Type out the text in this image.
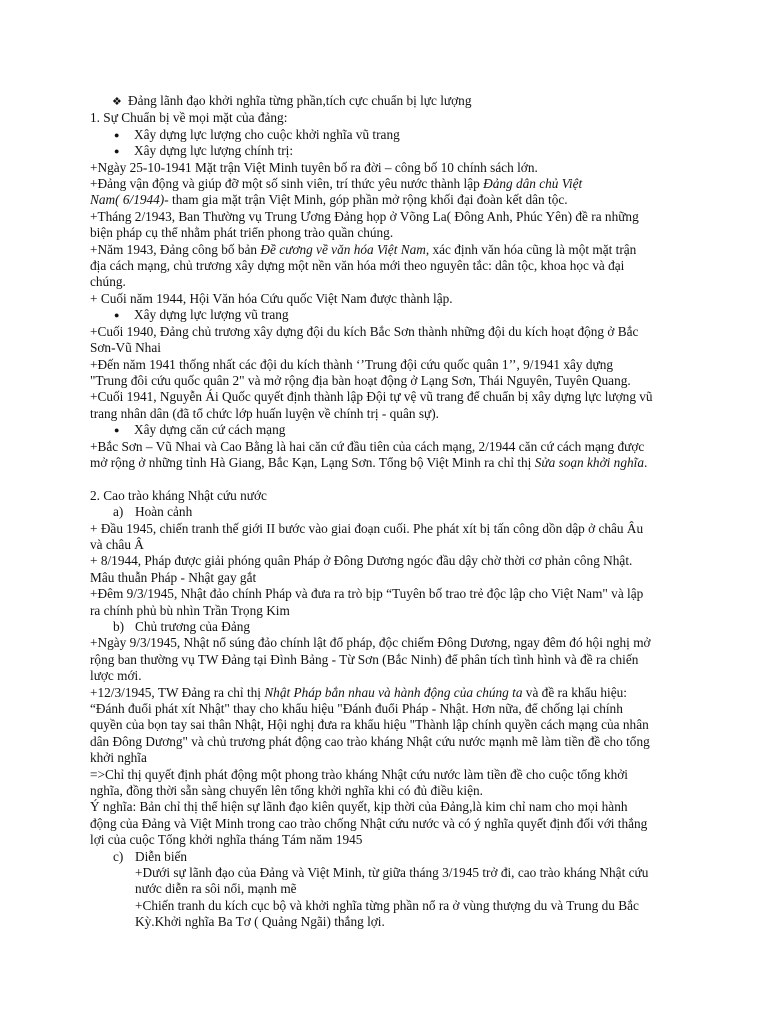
❖ Đảng lãnh đạo khởi nghĩa từng phần,tích cực chuẩn bị lực lượng
1. Sự Chuẩn bị về mọi mặt của đảng:
● Xây dựng lực lượng cho cuộc khởi nghĩa vũ trang
● Xây dựng lực lượng chính trị:
+Ngày 25-10-1941 Mặt trận Việt Minh tuyên bố ra đời – công bố 10 chính sách lớn.
+Đảng vận động và giúp đỡ một số sinh viên, trí thức yêu nước thành lập Đảng dân chủ Việt
Nam( 6/1944)- tham gia mặt trận Việt Minh, góp phần mở rộng khối đại đoàn kết dân tộc.
+Tháng 2/1943, Ban Thường vụ Trung Ương Đảng họp ở Võng La( Đông Anh, Phúc Yên) đề ra những
biện pháp cụ thể nhằm phát triển phong trào quần chúng.
+Năm 1943, Đảng công bố bản Đề cương về văn hóa Việt Nam, xác định văn hóa cũng là một mặt trận
địa cách mạng, chủ trương xây dựng một nền văn hóa mới theo nguyên tắc: dân tộc, khoa học và đại
chúng.
+ Cuối năm 1944, Hội Văn hóa Cứu quốc Việt Nam được thành lập.
● Xây dựng lực lượng vũ trang
+Cuối 1940, Đảng chủ trương xây dựng đội du kích Bắc Sơn thành những đội du kích hoạt động ở Bắc
Sơn-Vũ Nhai
+Đến năm 1941 thống nhất các đội du kích thành ‘’Trung đội cứu quốc quân 1’’, 9/1941 xây dựng
"Trung đôi cứu quốc quân 2" và mở rộng địa bàn hoạt động ở Lạng Sơn, Thái Nguyên, Tuyên Quang.
+Cuối 1941, Nguyễn Ái Quốc quyết định thành lập Đội tự vệ vũ trang để chuẩn bị xây dựng lực lượng vũ
trang nhân dân (đã tổ chức lớp huấn luyện về chính trị - quân sự).
● Xây dựng căn cứ cách mạng
+Bắc Sơn – Vũ Nhai và Cao Bằng là hai căn cứ đầu tiên của cách mạng, 2/1944 căn cứ cách mạng được
mở rộng ở những tỉnh Hà Giang, Bắc Kạn, Lạng Sơn. Tổng bộ Việt Minh ra chỉ thị Sửa soạn khởi nghĩa.
2. Cao trào kháng Nhật cứu nước
a) Hoàn cảnh
+ Đầu 1945, chiến tranh thế giới II bước vào giai đoạn cuối. Phe phát xít bị tấn công dồn dập ở châu Âu
và châu Â
+ 8/1944, Pháp được giải phóng quân Pháp ở Đông Dương ngóc đầu dậy chờ thời cơ phản công Nhật.
Mâu thuẫn Pháp - Nhật gay gắt
+Đêm 9/3/1945, Nhật đảo chính Pháp và đưa ra trò bịp “Tuyên bố trao trẻ độc lập cho Việt Nam" và lập
ra chính phủ bù nhìn Trần Trọng Kim
b) Chủ trương của Đảng
+Ngày 9/3/1945, Nhật nổ súng đảo chính lật đổ pháp, độc chiếm Đông Dương, ngay đêm đó hội nghị mở
rộng ban thường vụ TW Đảng tại Đình Bảng - Từ Sơn (Bắc Ninh) để phân tích tình hình và đề ra chiến
lược mới.
+12/3/1945, TW Đảng ra chỉ thị Nhật Pháp bắn nhau và hành động của chúng ta và đề ra khẩu hiệu:
“Đánh đuổi phát xít Nhật" thay cho khẩu hiệu "Đánh đuổi Pháp - Nhật. Hơn nữa, để chống lại chính
quyền của bọn tay sai thân Nhật, Hội nghị đưa ra khẩu hiệu "Thành lập chính quyền cách mạng của nhân
dân Đông Dương" và chủ trương phát động cao trào kháng Nhật cứu nước mạnh mẽ làm tiền đề cho tổng
khởi nghĩa
=>Chỉ thị quyết định phát động một phong trào kháng Nhật cứu nước làm tiền đề cho cuộc tổng khởi
nghĩa, đồng thời sẵn sàng chuyển lên tổng khởi nghĩa khi có đủ điều kiện.
Ý nghĩa: Bản chỉ thị thể hiện sự lãnh đạo kiên quyết, kịp thời của Đảng,là kim chỉ nam cho mọi hành
động của Đảng và Việt Minh trong cao trào chống Nhật cứu nước và có ý nghĩa quyết định đối với thắng
lợi của cuộc Tổng khởi nghĩa tháng Tám năm 1945
c) Diễn biến
+Dưới sự lãnh đạo của Đảng và Việt Minh, từ giữa tháng 3/1945 trở đi, cao trào kháng Nhật cứu
nước diễn ra sôi nổi, mạnh mẽ
+Chiến tranh du kích cục bộ và khởi nghĩa từng phần nổ ra ở vùng thượng du và Trung du Bắc
Kỳ.Khởi nghĩa Ba Tơ ( Quảng Ngãi) thắng lợi.
